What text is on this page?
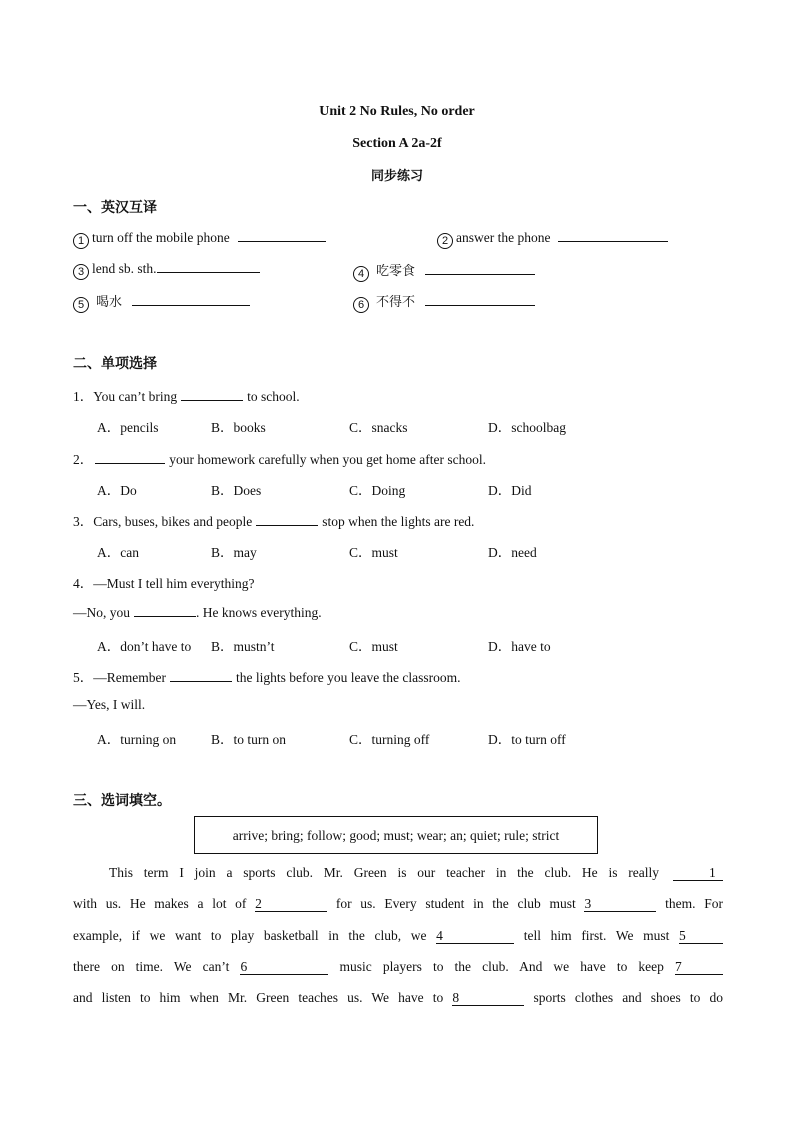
Unit 2 No Rules, No order
Section A 2a-2f
同步练习
一、英汉互译
1 turn off the mobile phone	2 answer the phone
3 lend sb. sth.	4 吃零食
5 喝水	6 不得不
二、单项选择
1．You can’t bring	to school.
A．pencils	B．books	C．snacks	D．schoolbag
2．	your homework carefully when you get home after school.
A．Do	B．Does	C．Doing	D．Did
3．Cars, buses, bikes and people	stop when the lights are red.
A．can	B．may	C．must	D．need
4．—Must I tell him everything?
—No, you	. He knows everything.
A．don’t have to B．mustn’t	C．must	D．have to
5．—Remember	the lights before you leave the classroom.
—Yes, I will.
A．turning on	B．to turn on	C．turning off	D．to turn off
三、选词填空。
arrive; bring; follow; good; must; wear; an; quiet; rule; strict
This term I join a sports club. Mr. Green is our teacher in the club. He is really	1
with us. He makes a lot of 2	for us. Every student in the club must 3	them. For
example, if we want to play basketball in the club, we 4	tell him first. We must 5
there on time. We can’t 6	music players to the club. And we have to keep 7
and listen to him when Mr. Green teaches us. We have to 8	sports clothes and shoes to do
